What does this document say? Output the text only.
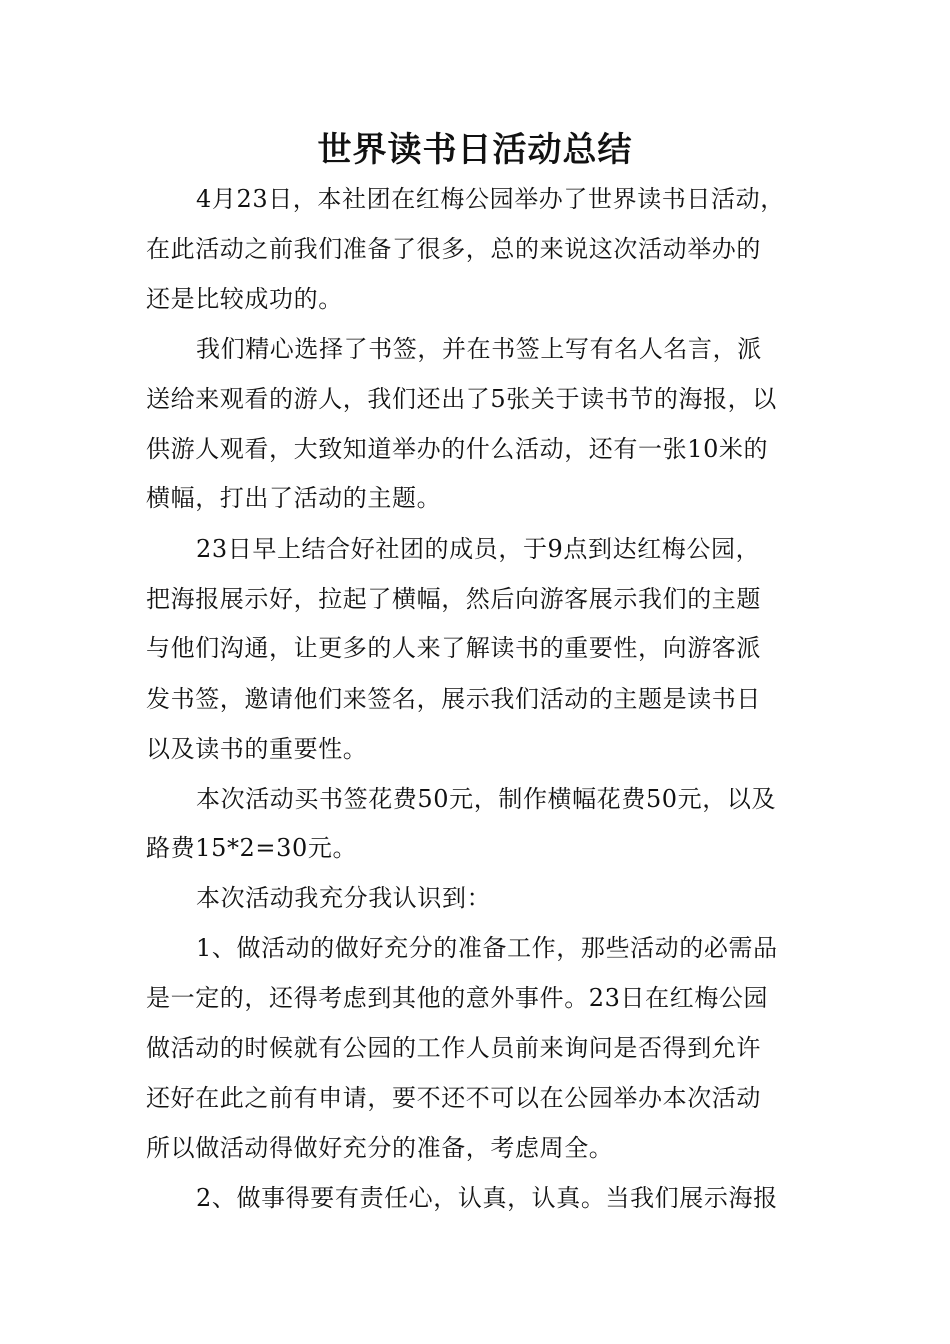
世界读书日活动总结
4月23日，本社团在红梅公园举办了世界读书日活动，
在此活动之前我们准备了很多，总的来说这次活动举办的
还是比较成功的。
我们精心选择了书签，并在书签上写有名人名言，派
送给来观看的游人，我们还出了5张关于读书节的海报，以
供游人观看，大致知道举办的什么活动，还有一张10米的
横幅，打出了活动的主题。
23日早上结合好社团的成员，于9点到达红梅公园，
把海报展示好，拉起了横幅，然后向游客展示我们的主题
与他们沟通，让更多的人来了解读书的重要性，向游客派
发书签，邀请他们来签名，展示我们活动的主题是读书日
以及读书的重要性。
本次活动买书签花费50元，制作横幅花费50元，以及
路费15*2=30元。
本次活动我充分我认识到：
1、做活动的做好充分的准备工作，那些活动的必需品
是一定的，还得考虑到其他的意外事件。23日在红梅公园
做活动的时候就有公园的工作人员前来询问是否得到允许
还好在此之前有申请，要不还不可以在公园举办本次活动
所以做活动得做好充分的准备，考虑周全。
2、做事得要有责任心，认真，认真。当我们展示海报
